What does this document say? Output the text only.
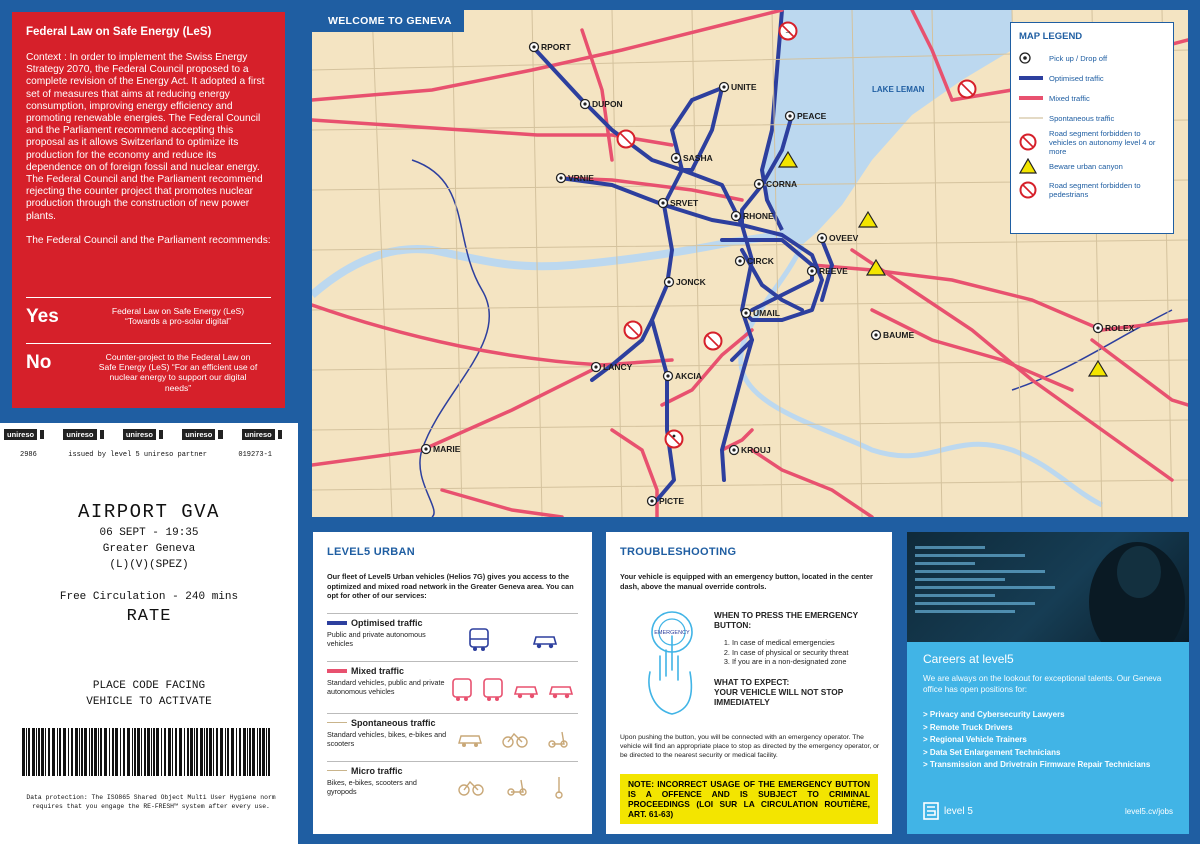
Federal Law on Safe Energy (LeS)

Context : In order to implement the Swiss Energy Strategy 2070, the Federal Council proposed to a complete revision of the Energy Act. It adopted a first set of measures that aims at reducing energy consumption, improving energy efficiency and promoting renewable energies. The Federal Council and the Parliament recommend accepting this proposal as it allows Switzerland to optimize its production for the economy and reduce its dependence on of foreign fossil and nuclear energy. The Federal Council and the Parliament recommend rejecting the counter project that promotes nuclear production through the construction of new power plants.

The Federal Council and the Parliament recommends:

Yes	Federal Law on Safe Energy (LeS) “Towards a pro-solar digital”
No	Counter-project to the Federal Law on Safe Energy (LeS) “For an efficient use of nuclear energy to support our digital needs”
unireso	unireso	unireso	unireso	unireso
2986	issued by level 5 unireso partner	019273-1
AIRPORT GVA
06 SEPT - 19:35
Greater Geneva
(L)(V)(SPEZ)
Free Circulation - 240 mins
RATE
PLACE CODE FACING
VEHICLE TO ACTIVATE
Data protection: The ISO865 Shared Object Multi User Hygiene norm requires that you engage the RE-FRESH™ system after every use.
LAKE LEMAN
RPORT
DUPON
UNITE
PEACE
SASHA
VRNIE
CORNA
SRVET
RHONE
OVEEV
CIRCK
REEVE
JONCK
UMAIL
BAUME
ROLEX
LANCY
AKCIA
MARIE	KROUJ
PICTE
⇀
WELCOME TO GENEVA
MAP LEGEND
Pick up / Drop off
Optimised traffic
Mixed traffic
Spontaneous traffic
Road segment forbidden to vehicles on autonomy level 4 or more
Beware urban canyon
Road segment forbidden to pedestrians
LEVEL5 URBAN

Our fleet of Level5 Urban vehicles (Helios 7G) gives you access to the optimized and mixed road network in the Greater Geneva area. You can opt for other of our services:

Optimised traffic
Public and private autonomous vehicles
Mixed traffic
Standard vehicles, public and private autonomous vehicles
Spontaneous traffic
Standard vehicles, bikes, e-bikes and scooters
Micro traffic
Bikes, e-bikes, scooters and gyropods
TROUBLESHOOTING

Your vehicle is equipped with an emergency button, located in the center dash, above the manual override controls.

EMERGENCY
WHEN TO PRESS THE EMERGENCY BUTTON:
1. In case of medical emergencies
2. In case of physical or security threat
3. If you are in a non-designated zone
WHAT TO EXPECT:
YOUR VEHICLE WILL NOT STOP IMMEDIATELY

Upon pushing the button, you will be connected with an emergency operator. The vehicle will find an appropriate place to stop as directed by the emergency operator, or be directed to the nearest security or medical facility.

NOTE: INCORRECT USAGE OF THE EMERGENCY BUTTON IS A OFFENCE AND IS SUBJECT TO CRIMINAL PROCEEDINGS (LOI SUR LA CIRCULATION ROUTIÈRE, ART. 61-63)
Careers at level5

We are always on the lookout for exceptional talents. Our Geneva office has open positions for:

> Privacy and Cybersecurity Lawyers
> Remote Truck Drivers
> Regional Vehicle Trainers
> Data Set Enlargement Technicians
> Transmission and Drivetrain Firmware Repair Technicians
level 5	level5.cv/jobs
